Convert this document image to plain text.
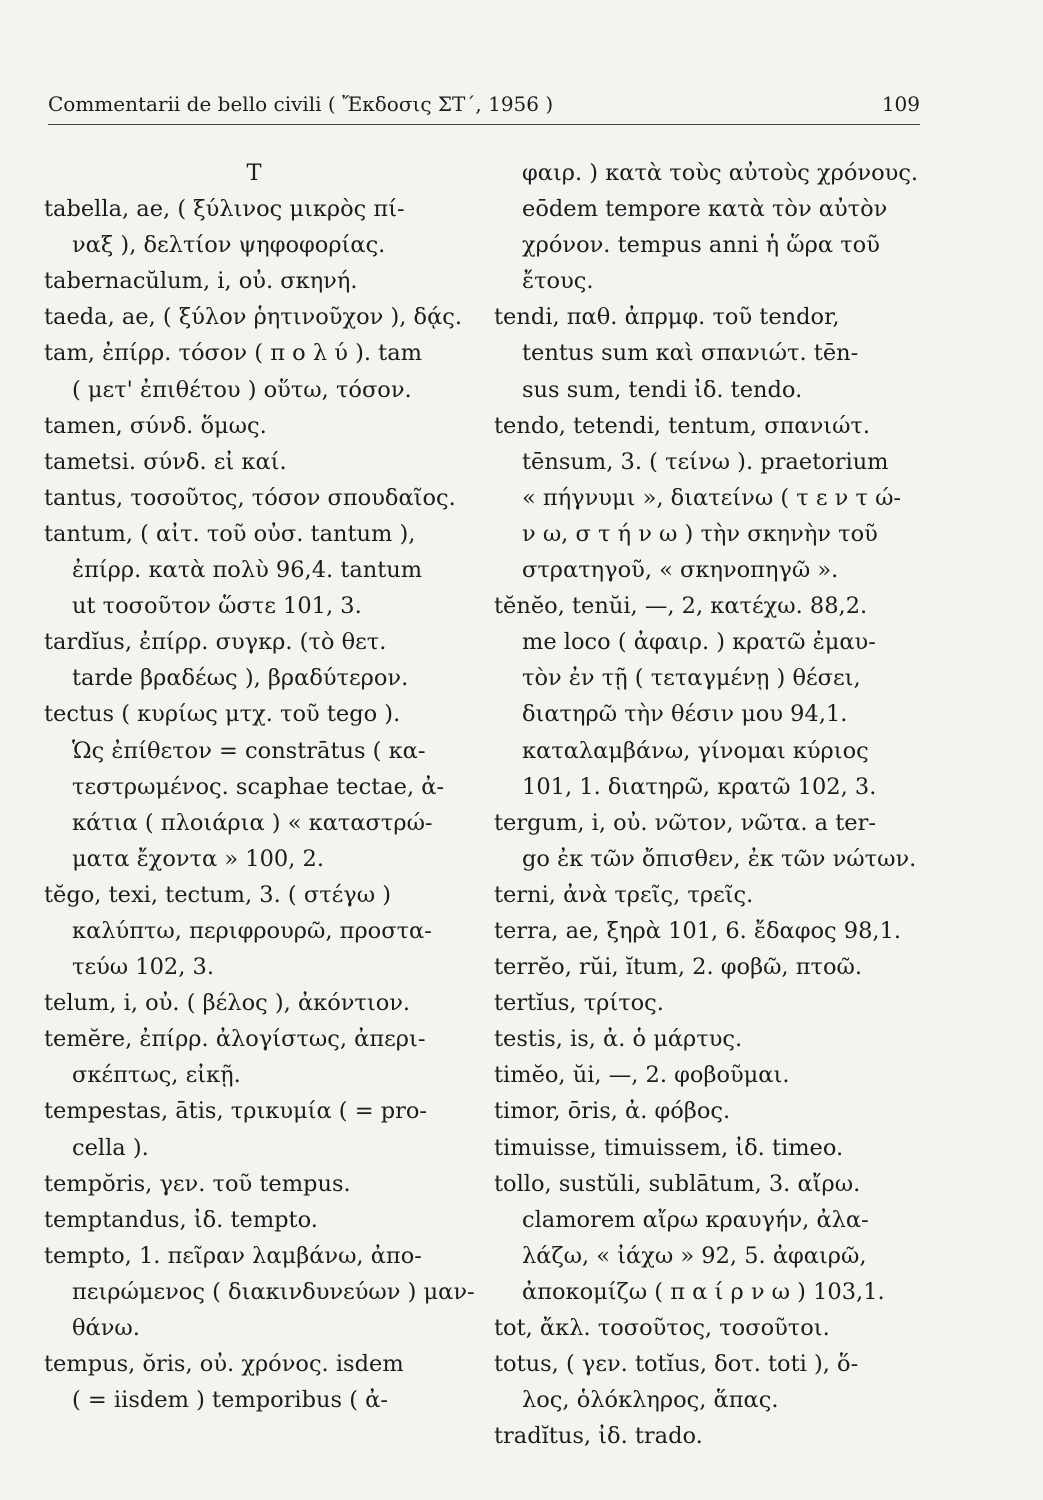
Commentarii de bello civili ( Ἔκδοσις ΣΤ΄, 1956 )	109
T
tabella, ae, ( ξύλινος μικρὸς πί-
ναξ ), δελτίον ψηφοφορίας.
tabernacŭlum, i, οὐ. σκηνή.
taeda, ae, ( ξύλον ῥητινοῦχον ), δᾴς.
tam, ἐπίρρ. τόσον ( π ο λ ύ ). tam
( μετ' ἐπιθέτου ) οὕτω, τόσον.
tamen, σύνδ. ὅμως.
tametsi. σύνδ. εἰ καί.
tantus, τοσοῦτος, τόσον σπουδαῖος.
tantum, ( αἰτ. τοῦ οὐσ. tantum ),
ἐπίρρ. κατὰ πολὺ 96,4. tantum
ut τοσοῦτον ὥστε 101, 3.
tardĭus, ἐπίρρ. συγκρ. (τὸ θετ.
tarde βραδέως ), βραδύτερον.
tectus ( κυρίως μτχ. τοῦ tego ).
Ὡς ἐπίθετον = constrātus ( κα-
τεστρωμένος. scaphae tectae, ἀ-
κάτια ( πλοιάρια ) « καταστρώ-
ματα ἔχοντα » 100, 2.
tĕgo, texi, tectum, 3. ( στέγω )
καλύπτω, περιφρουρῶ, προστα-
τεύω 102, 3.
telum, i, οὐ. ( βέλος ), ἀκόντιον.
temĕre, ἐπίρρ. ἀλογίστως, ἀπερι-
σκέπτως, εἰκῇ.
tempestas, ātis, τρικυμία ( = pro-
cella ).
tempŏris, γεν. τοῦ tempus.
temptandus, ἰδ. tempto.
tempto, 1. πεῖραν λαμβάνω, ἀπο-
πειρώμενος ( διακινδυνεύων ) μαν-
θάνω.
tempus, ŏris, οὐ. χρόνος. isdem
( = iisdem ) temporibus ( ἀ-
φαιρ. ) κατὰ τοὺς αὐτοὺς χρόνους.
eōdem tempore κατὰ τὸν αὐτὸν
χρόνον. tempus anni ἡ ὥρα τοῦ
ἔτους.
tendi, παθ. ἀπρμφ. τοῦ tendor,
tentus sum καὶ σπανιώτ. tēn-
sus sum, tendi ἰδ. tendo.
tendo, tetendi, tentum, σπανιώτ.
tēnsum, 3. ( τείνω ). praetorium
« πήγνυμι », διατείνω ( τ ε ν τ ώ-
ν ω, σ τ ή ν ω ) τὴν σκηνὴν τοῦ
στρατηγοῦ, « σκηνοπηγῶ ».
tĕnĕo, tenŭi, —, 2, κατέχω. 88,2.
me loco ( ἀφαιρ. ) κρατῶ ἐμαυ-
τὸν ἐν τῇ ( τεταγμένῃ ) θέσει,
διατηρῶ τὴν θέσιν μου 94,1.
καταλαμβάνω, γίνομαι κύριος
101, 1. διατηρῶ, κρατῶ 102, 3.
tergum, i, οὐ. νῶτον, νῶτα. a ter-
go ἐκ τῶν ὄπισθεν, ἐκ τῶν νώτων.
terni, ἀνὰ τρεῖς, τρεῖς.
terra, ae, ξηρὰ 101, 6. ἔδαφος 98,1.
terrĕo, rŭi, ĭtum, 2. φοβῶ, πτοῶ.
tertĭus, τρίτος.
testis, is, ἀ. ὁ μάρτυς.
timĕo, ŭi, —, 2. φοβοῦμαι.
timor, ōris, ἀ. φόβος.
timuisse, timuissem, ἰδ. timeo.
tollo, sustŭli, sublātum, 3. αἴρω.
clamorem αἴρω κραυγήν, ἀλα-
λάζω, « ἰάχω » 92, 5. ἀφαιρῶ,
ἀποκομίζω ( π α ί ρ ν ω ) 103,1.
tot, ἄκλ. τοσοῦτος, τοσοῦτοι.
totus, ( γεν. totĭus, δοτ. toti ), ὅ-
λος, ὁλόκληρος, ἅπας.
tradĭtus, ἰδ. trado.
